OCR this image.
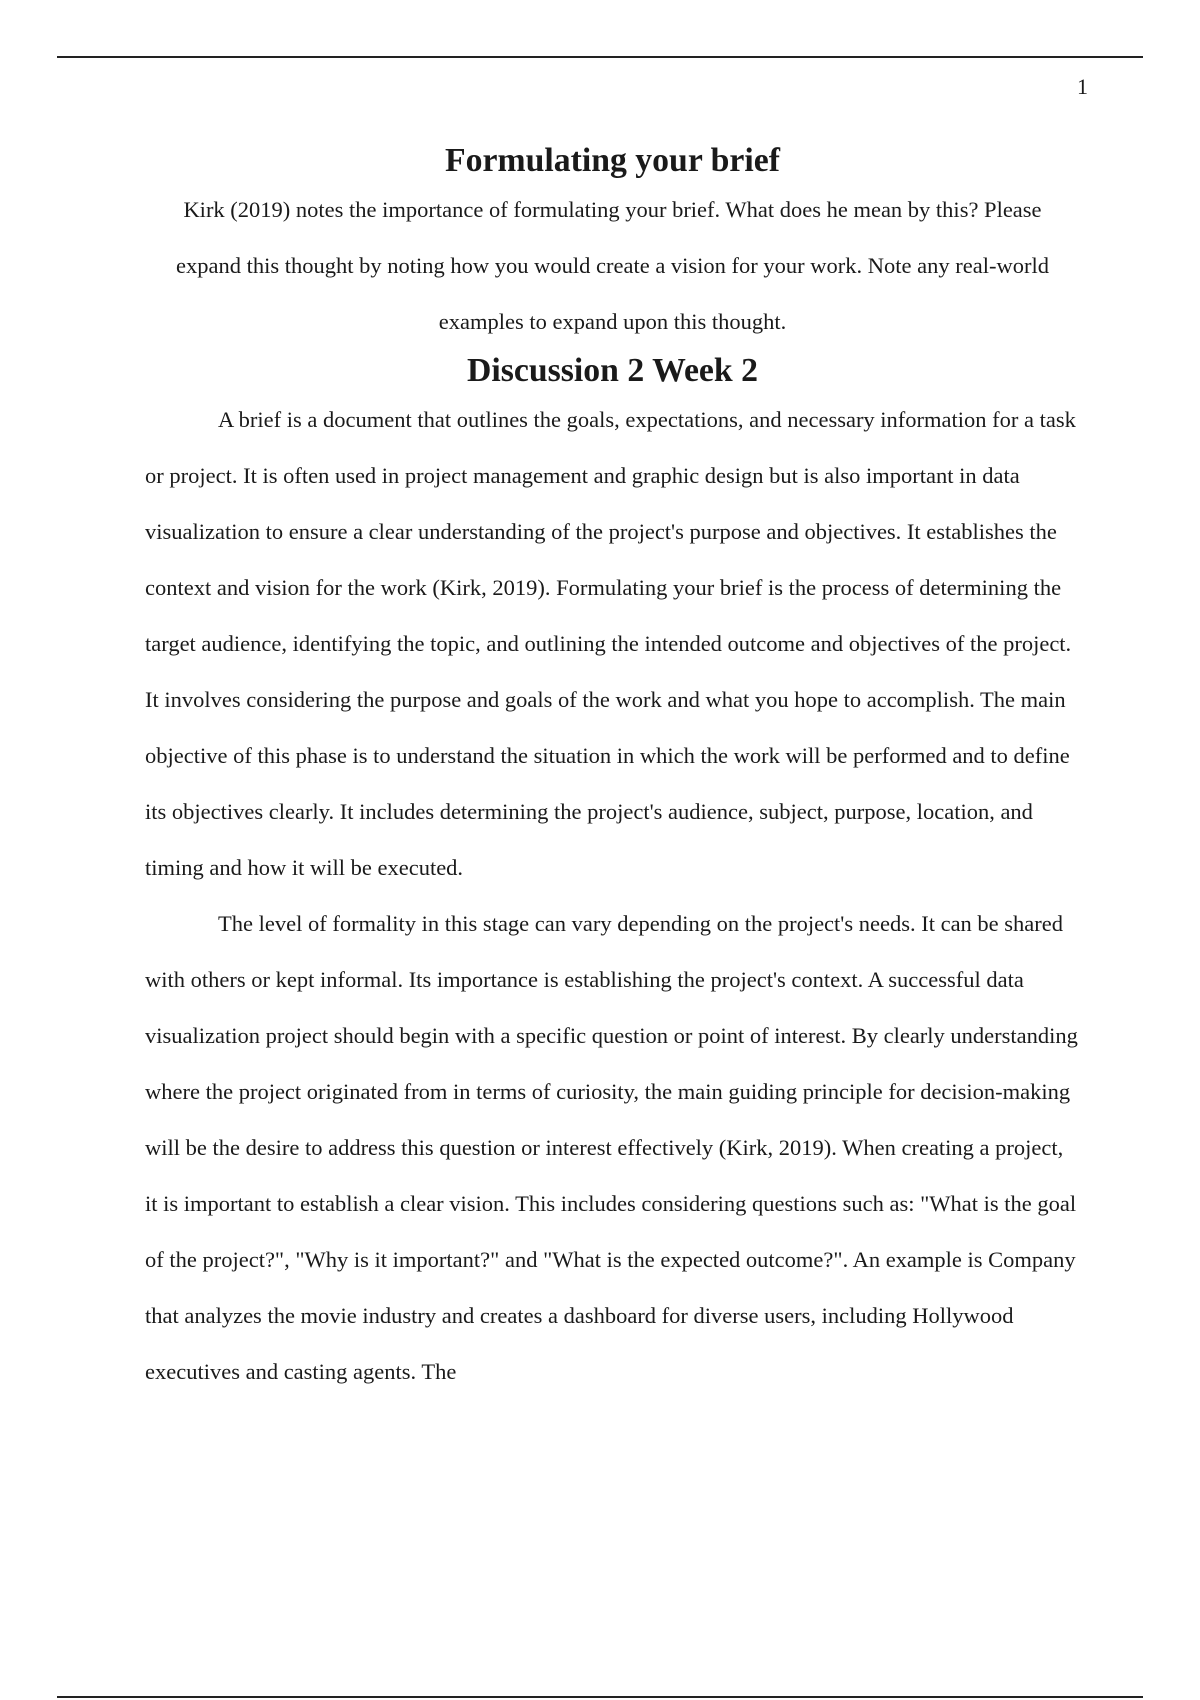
1
Formulating your brief

Kirk (2019) notes the importance of formulating your brief. What does he mean by this? Please expand this thought by noting how you would create a vision for your work. Note any real-world examples to expand upon this thought.

Discussion 2 Week 2

A brief is a document that outlines the goals, expectations, and necessary information for a task or project. It is often used in project management and graphic design but is also important in data visualization to ensure a clear understanding of the project's purpose and objectives. It establishes the context and vision for the work (Kirk, 2019). Formulating your brief is the process of determining the target audience, identifying the topic, and outlining the intended outcome and objectives of the project. It involves considering the purpose and goals of the work and what you hope to accomplish. The main objective of this phase is to understand the situation in which the work will be performed and to define its objectives clearly. It includes determining the project's audience, subject, purpose, location, and timing and how it will be executed.

The level of formality in this stage can vary depending on the project's needs. It can be shared with others or kept informal. Its importance is establishing the project's context. A successful data visualization project should begin with a specific question or point of interest. By clearly understanding where the project originated from in terms of curiosity, the main guiding principle for decision-making will be the desire to address this question or interest effectively (Kirk, 2019). When creating a project, it is important to establish a clear vision. This includes considering questions such as: "What is the goal of the project?", "Why is it important?" and "What is the expected outcome?". An example is Company that analyzes the movie industry and creates a dashboard for diverse users, including Hollywood executives and casting agents. The
